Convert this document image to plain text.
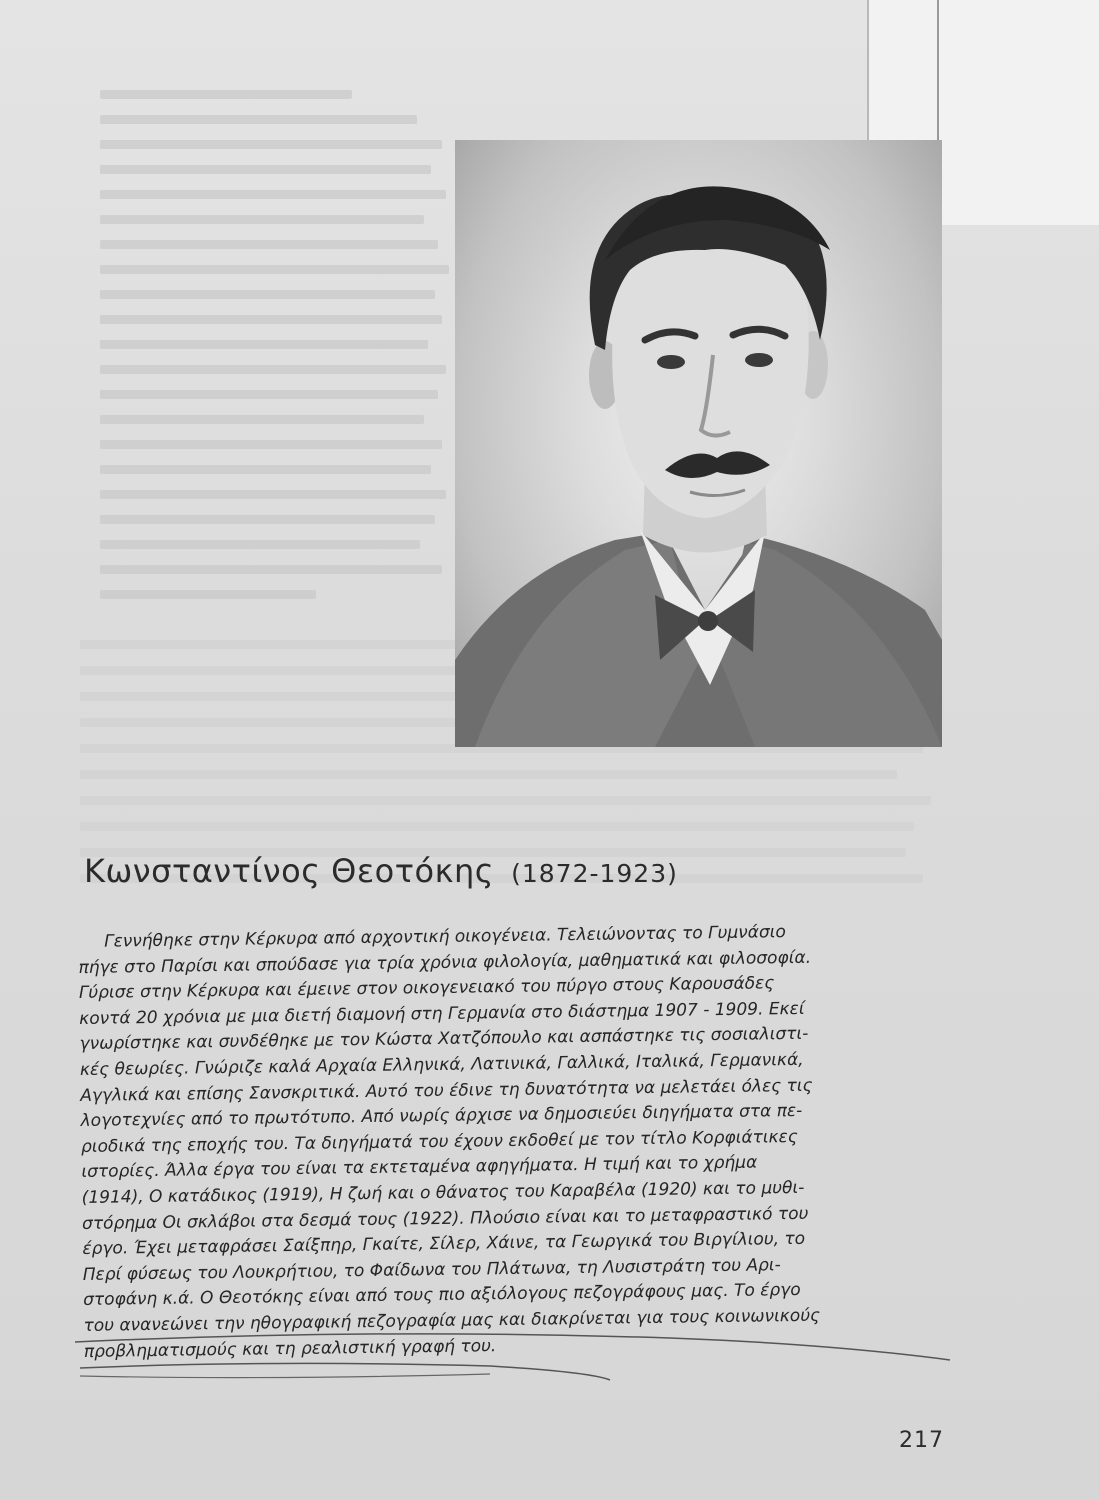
Κωνσταντίνος Θεοτόκης (1872-1923)
Γεννήθηκε στην Κέρκυρα από αρχοντική οικογένεια. Τελειώνοντας το Γυμνάσιο
πήγε στο Παρίσι και σπούδασε για τρία χρόνια φιλολογία, μαθηματικά και φιλοσοφία.
Γύρισε στην Κέρκυρα και έμεινε στον οικογενειακό του πύργο στους Καρουσάδες
κοντά 20 χρόνια με μια διετή διαμονή στη Γερμανία στο διάστημα 1907 - 1909. Εκεί
γνωρίστηκε και συνδέθηκε με τον Κώστα Χατζόπουλο και ασπάστηκε τις σοσιαλιστι-
κές θεωρίες. Γνώριζε καλά Αρχαία Ελληνικά, Λατινικά, Γαλλικά, Ιταλικά, Γερμανικά,
Αγγλικά και επίσης Σανσκριτικά. Αυτό του έδινε τη δυνατότητα να μελετάει όλες τις
λογοτεχνίες από το πρωτότυπο. Από νωρίς άρχισε να δημοσιεύει διηγήματα στα πε-
ριοδικά της εποχής του. Τα διηγήματά του έχουν εκδοθεί με τον τίτλο Κορφιάτικες
ιστορίες. Άλλα έργα του είναι τα εκτεταμένα αφηγήματα. Η τιμή και το χρήμα
(1914), Ο κατάδικος (1919), Η ζωή και ο θάνατος του Καραβέλα (1920) και το μυθι-
στόρημα Οι σκλάβοι στα δεσμά τους (1922). Πλούσιο είναι και το μεταφραστικό του
έργο. Έχει μεταφράσει Σαίξπηρ, Γκαίτε, Σίλερ, Χάινε, τα Γεωργικά του Βιργίλιου, το
Περί φύσεως του Λουκρήτιου, το Φαίδωνα του Πλάτωνα, τη Λυσιστράτη του Αρι-
στοφάνη κ.ά. Ο Θεοτόκης είναι από τους πιο αξιόλογους πεζογράφους μας. Το έργο
του ανανεώνει την ηθογραφική πεζογραφία μας και διακρίνεται για τους κοινωνικούς
προβληματισμούς και τη ρεαλιστική γραφή του.
217
